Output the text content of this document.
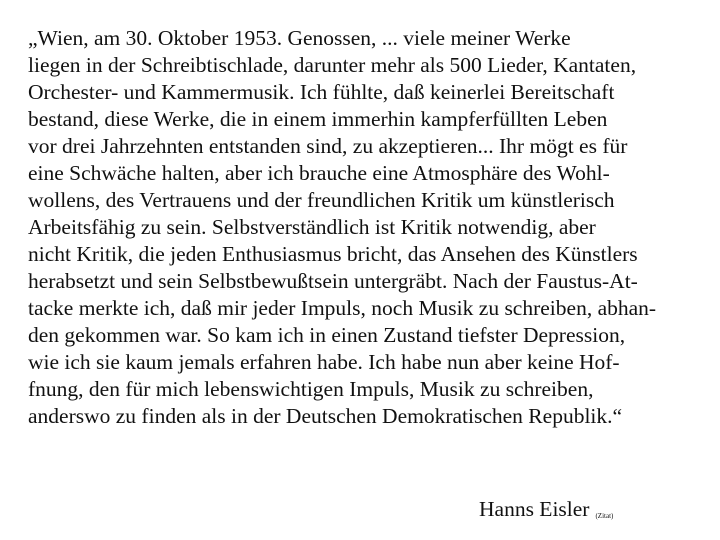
„Wien, am 30. Oktober 1953. Genossen, ... viele meiner Werke
liegen in der Schreibtischlade, darunter mehr als 500 Lieder, Kantaten,
Orchester- und Kammermusik. Ich fühlte, daß keinerlei Bereitschaft
bestand, diese Werke, die in einem immerhin kampferfüllten Leben
vor drei Jahrzehnten entstanden sind, zu akzeptieren... Ihr mögt es für
eine Schwäche halten, aber ich brauche eine Atmosphäre des Wohl-
wollens, des Vertrauens und der freundlichen Kritik um künstlerisch
Arbeitsfähig zu sein. Selbstverständlich ist Kritik notwendig, aber
nicht Kritik, die jeden Enthusiasmus bricht, das Ansehen des Künstlers
herabsetzt und sein Selbstbewußtsein untergräbt. Nach der Faustus-At-
tacke merkte ich, daß mir jeder Impuls, noch Musik zu schreiben, abhan-
den gekommen war. So kam ich in einen Zustand tiefster Depression,
wie ich sie kaum jemals erfahren habe. Ich habe nun aber keine Hof-
fnung, den für mich lebenswichtigen Impuls, Musik zu schreiben,
anderswo zu finden als in der Deutschen Demokratischen Republik.“
Hanns Eisler (Zitat)
